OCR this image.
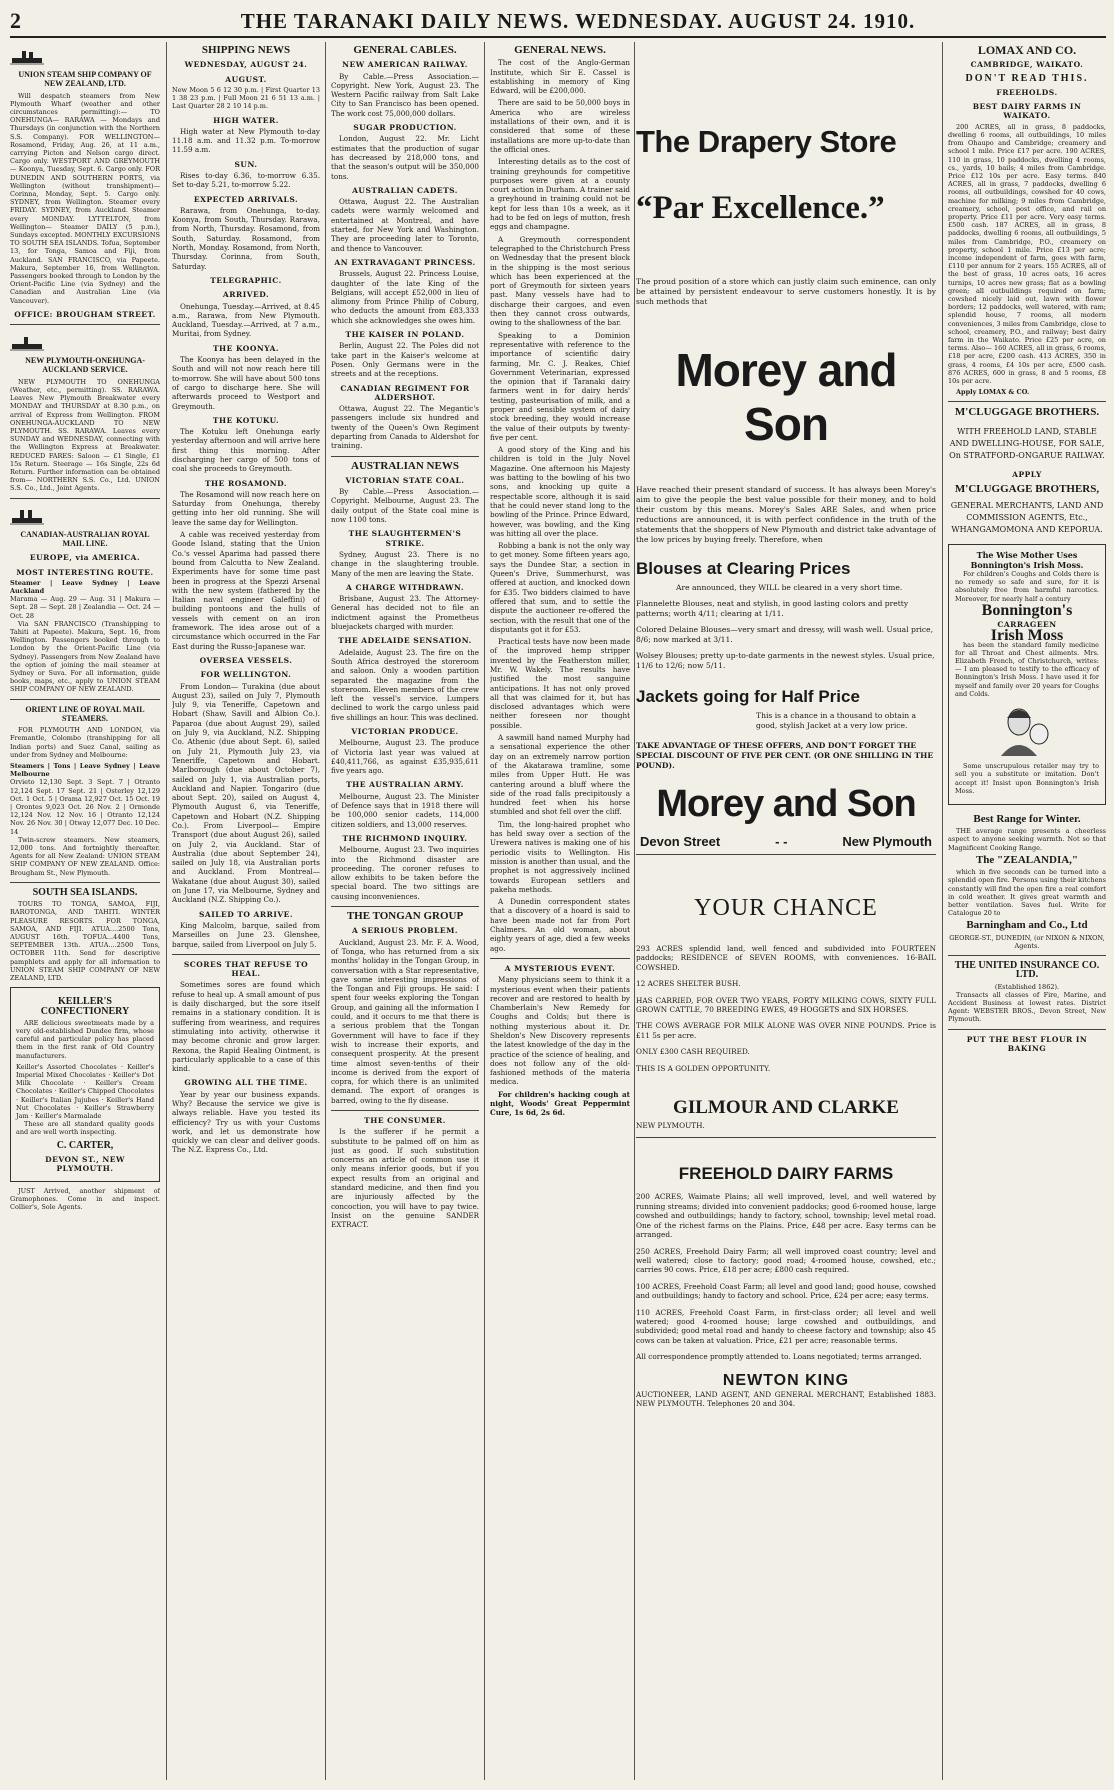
2	THE TARANAKI DAILY NEWS. WEDNESDAY. AUGUST 24. 1910.
UNION STEAM SHIP COMPANY OF NEW ZEALAND, LTD.
Will despatch steamers from New Plymouth Wharf (weather and other circumstances permitting):— TO ONEHUNGA— RARAWA — Mondays and Thursdays (in conjunction with the Northern S.S. Company). FOR WELLINGTON— Rosamond, Friday, Aug. 26, at 11 a.m., carrying Picton and Nelson cargo direct. Cargo only. WESTPORT AND GREYMOUTH— Koonya, Tuesday, Sept. 6. Cargo only. FOR DUNEDIN AND SOUTHERN PORTS, via Wellington (without transhipment)— Corinna, Monday, Sept. 5. Cargo only. SYDNEY, from Wellington. Steamer every FRIDAY. SYDNEY, from Auckland. Steamer every MONDAY. LYTTELTON, from Wellington— Steamer DAILY (5 p.m.), Sundays excepted. MONTHLY EXCURSIONS TO SOUTH SEA ISLANDS. Tofua, September 13, for Tonga, Samoa and Fiji, from Auckland. SAN FRANCISCO, via Papeete. Makura, September 16, from Wellington. Passengers booked through to London by the Orient-Pacific Line (via Sydney) and the Canadian and Australian Line (via Vancouver).
OFFICE: BROUGHAM STREET.
NEW PLYMOUTH-ONEHUNGA-AUCKLAND SERVICE.
NEW PLYMOUTH TO ONEHUNGA (Weather, etc., permitting). SS. RARAWA. Leaves New Plymouth Breakwater every MONDAY and THURSDAY at 8.30 p.m., on arrival of Express from Wellington. FROM ONEHUNGA-AUCKLAND TO NEW PLYMOUTH. SS. RARAWA. Leaves every SUNDAY and WEDNESDAY, connecting with the Wellington Express at Breakwater. REDUCED FARES: Saloon — £1 Single, £1 15s Return. Steerage — 16s Single, 22s 6d Return. Further information can be obtained from— NORTHERN S.S. Co., Ltd. UNION S.S. Co., Ltd., Joint Agents.
CANADIAN-AUSTRALIAN ROYAL MAIL LINE.
EUROPE, via AMERICA.
MOST INTERESTING ROUTE.
Steamer | Leave Sydney | Leave Auckland
Marama — Aug. 29 — Aug. 31 | Makura — Sept. 28 — Sept. 28 | Zealandia — Oct. 24 — Oct. 28
Via SAN FRANCISCO (Transhipping to Tahiti at Papeete). Makura, Sept. 16, from Wellington. Passengers booked through to London by the Orient-Pacific Line (via Sydney). Passengers from New Zealand have the option of joining the mail steamer at Sydney or Suva. For all information, guide books, maps, etc., apply to UNION STEAM SHIP COMPANY OF NEW ZEALAND.
ORIENT LINE OF ROYAL MAIL STEAMERS.
FOR PLYMOUTH AND LONDON, via Fremantle, Colombo (transhipping for all Indian ports) and Suez Canal, sailing as under from Sydney and Melbourne:
Steamers | Tons | Leave Sydney | Leave Melbourne
Orvieto 12,130 Sept. 3 Sept. 7 | Otranto 12,124 Sept. 17 Sept. 21 | Osterley 12,129 Oct. 1 Oct. 5 | Orama 12,927 Oct. 15 Oct. 19 | Orontes 9,023 Oct. 26 Nov. 2 | Ormonde 12,124 Nov. 12 Nov. 16 | Otranto 12,124 Nov. 26 Nov. 30 | Otway 12,077 Dec. 10 Dec. 14
Twin-screw steamers. New steamers, 12,000 tons. And fortnightly thereafter. Agents for all New Zealand: UNION STEAM SHIP COMPANY OF NEW ZEALAND. Office: Brougham St., New Plymouth.
SOUTH SEA ISLANDS.
TOURS TO TONGA, SAMOA, FIJI, RAROTONGA, AND TAHITI. WINTER PLEASURE RESORTS. FOR TONGA, SAMOA, AND FIJI. ATUA....2500 Tons, AUGUST 16th. TOFUA...4400 Tons, SEPTEMBER 13th. ATUA....2500 Tons, OCTOBER 11th. Send for descriptive pamphlets and apply for all information to UNION STEAM SHIP COMPANY OF NEW ZEALAND, LTD.
KEILLER'S CONFECTIONERY
ARE delicious sweetmeats made by a very old-established Dundee firm, whose careful and particular policy has placed them in the first rank of Old Country manufacturers.
Keiller's Assorted Chocolates · Keiller's Imperial Mixed Chocolates · Keiller's Dot Milk Chocolate · Keiller's Cream Chocolates · Keiller's Chipped Chocolates · Keiller's Italian Jujubes · Keiller's Hand Nut Chocolates · Keiller's Strawberry Jam · Keiller's Marmalade
These are all standard quality goods and are well worth inspecting.
C. CARTER,
DEVON ST., NEW PLYMOUTH.
JUST Arrived, another shipment of Gramophones. Come in and inspect. Collier's, Sole Agents.
SHIPPING NEWS
WEDNESDAY, AUGUST 24.
AUGUST.
New Moon 5 6 12 30 p.m. | First Quarter 13 1 38 23 p.m. | Full Moon 21 6 51 13 a.m. | Last Quarter 28 2 10 14 p.m.
HIGH WATER.
High water at New Plymouth to-day 11.18 a.m. and 11.32 p.m. To-morrow 11.59 a.m.
SUN.
Rises to-day 6.36, to-morrow 6.35. Set to-day 5.21, to-morrow 5.22.
EXPECTED ARRIVALS.
Rarawa, from Onehunga, to-day. Koonya, from South, Thursday. Rarawa, from North, Thursday. Rosamond, from South, Saturday. Rosamond, from North, Monday. Rosamond, from North, Thursday. Corinna, from South, Saturday.
TELEGRAPHIC.
ARRIVED.
Onehunga, Tuesday.—Arrived, at 8.45 a.m., Rarawa, from New Plymouth. Auckland, Tuesday.—Arrived, at 7 a.m., Muritai, from Sydney.
THE KOONYA.
The Koonya has been delayed in the South and will not now reach here till to-morrow. She will have about 500 tons of cargo to discharge here. She will afterwards proceed to Westport and Greymouth.
THE KOTUKU.
The Kotuku left Onehunga early yesterday afternoon and will arrive here first thing this morning. After discharging her cargo of 500 tons of coal she proceeds to Greymouth.
THE ROSAMOND.
The Rosamond will now reach here on Saturday from Onehunga, thereby getting into her old running. She will leave the same day for Wellington.
A cable was received yesterday from Goode Island, stating that the Union Co.'s vessel Aparima had passed there bound from Calcutta to New Zealand. Experiments have for some time past been in progress at the Spezzi Arsenal with the new system (fathered by the Italian naval engineer Galeffini) of building pontoons and the hulls of vessels with cement on an iron framework. The idea arose out of a circumstance which occurred in the Far East during the Russo-Japanese war.
OVERSEA VESSELS.
FOR WELLINGTON.
From London— Turakina (due about August 23), sailed on July 7, Plymouth July 9, via Teneriffe, Capetown and Hobart (Shaw, Savill and Albion Co.). Paparoa (due about August 29), sailed on July 9, via Auckland, N.Z. Shipping Co. Athenic (due about Sept. 6), sailed on July 21, Plymouth July 23, via Teneriffe, Capetown and Hobart. Marlborough (due about October 7), sailed on July 1, via Australian ports, Auckland and Napier. Tongariro (due about Sept. 20), sailed on August 4, Plymouth August 6, via Teneriffe, Capetown and Hobart (N.Z. Shipping Co.). From Liverpool— Empire Transport (due about August 26), sailed on July 2, via Auckland. Star of Australia (due about September 24), sailed on July 18, via Australian ports and Auckland. From Montreal— Wakatane (due about August 30), sailed on June 17, via Melbourne, Sydney and Auckland (N.Z. Shipping Co.).
SAILED TO ARRIVE.
King Malcolm, barque, sailed from Marseilles on June 23. Glenshee, barque, sailed from Liverpool on July 5.
SCORES THAT REFUSE TO HEAL.
Sometimes sores are found which refuse to heal up. A small amount of pus is daily discharged, but the sore itself remains in a stationary condition. It is suffering from weariness, and requires stimulating into activity, otherwise it may become chronic and grow larger. Rexona, the Rapid Healing Ointment, is particularly applicable to a case of this kind.
GROWING ALL THE TIME.
Year by year our business expands. Why? Because the service we give is always reliable. Have you tested its efficiency? Try us with your Customs work, and let us demonstrate how quickly we can clear and deliver goods. The N.Z. Express Co., Ltd.
GENERAL CABLES.
NEW AMERICAN RAILWAY.
By Cable.—Press Association.—Copyright. New York, August 23. The Western Pacific railway from Salt Lake City to San Francisco has been opened. The work cost 75,000,000 dollars.
SUGAR PRODUCTION.
London, August 22. Mr. Licht estimates that the production of sugar has decreased by 218,000 tons, and that the season's output will be 350,000 tons.
AUSTRALIAN CADETS.
Ottawa, August 22. The Australian cadets were warmly welcomed and entertained at Montreal, and have started, for New York and Washington. They are proceeding later to Toronto, and thence to Vancouver.
AN EXTRAVAGANT PRINCESS.
Brussels, August 22. Princess Louise, daughter of the late King of the Belgians, will accept £52,000 in lieu of alimony from Prince Philip of Coburg, who deducts the amount from £83,333 which she acknowledges she owes him.
THE KAISER IN POLAND.
Berlin, August 22. The Poles did not take part in the Kaiser's welcome at Posen. Only Germans were in the streets and at the receptions.
CANADIAN REGIMENT FOR ALDERSHOT.
Ottawa, August 22. The Megantic's passengers include six hundred and twenty of the Queen's Own Regiment departing from Canada to Aldershot for training.
AUSTRALIAN NEWS
VICTORIAN STATE COAL.
By Cable.—Press Association.—Copyright. Melbourne, August 23. The daily output of the State coal mine is now 1100 tons.
THE SLAUGHTERMEN'S STRIKE.
Sydney, August 23. There is no change in the slaughtering trouble. Many of the men are leaving the State.
A CHARGE WITHDRAWN.
Brisbane, August 23. The Attorney-General has decided not to file an indictment against the Prometheus bluejackets charged with murder.
THE ADELAIDE SENSATION.
Adelaide, August 23. The fire on the South Africa destroyed the storeroom and saloon. Only a wooden partition separated the magazine from the storeroom. Eleven members of the crew left the vessel's service. Lumpers declined to work the cargo unless paid five shillings an hour. This was declined.
VICTORIAN PRODUCE.
Melbourne, August 23. The produce of Victoria last year was valued at £40,411,766, as against £35,935,611 five years ago.
THE AUSTRALIAN ARMY.
Melbourne, August 23. The Minister of Defence says that in 1918 there will be 100,000 senior cadets, 114,000 citizen soldiers, and 13,000 reserves.
THE RICHMOND INQUIRY.
Melbourne, August 23. Two inquiries into the Richmond disaster are proceeding. The coroner refuses to allow exhibits to be taken before the special board. The two sittings are causing inconveniences.
THE TONGAN GROUP
A SERIOUS PROBLEM.
Auckland, August 23. Mr. F. A. Wood, of Tonga, who has returned from a six months' holiday in the Tongan Group, in conversation with a Star representative, gave some interesting impressions of the Tongan and Fiji groups. He said: I spent four weeks exploring the Tongan Group, and gaining all the information I could, and it occurs to me that there is a serious problem that the Tongan Government will have to face if they wish to increase their exports, and consequent prosperity. At the present time almost seven-tenths of their income is derived from the export of copra, for which there is an unlimited demand. The export of oranges is barred, owing to the fly disease.
THE CONSUMER.
Is the sufferer if he permit a substitute to be palmed off on him as just as good. If such substitution concerns an article of common use it only means inferior goods, but if you expect results from an original and standard medicine, and then find you are injuriously affected by the concoction, you will have to pay twice. Insist on the genuine SANDER EXTRACT.
GENERAL NEWS.
The cost of the Anglo-German Institute, which Sir E. Cassel is establishing in memory of King Edward, will be £200,000.
There are said to be 50,000 boys in America who are wireless installations of their own, and it is considered that some of these installations are more up-to-date than the official ones.
Interesting details as to the cost of training greyhounds for competitive purposes were given at a county court action in Durham. A trainer said a greyhound in training could not be kept for less than 10s a week, as it had to be fed on legs of mutton, fresh eggs and champagne.
A Greymouth correspondent telegraphed to the Christchurch Press on Wednesday that the present block in the shipping is the most serious which has been experienced at the port of Greymouth for sixteen years past. Many vessels have had to discharge their cargoes, and even then they cannot cross outwards, owing to the shallowness of the bar.
Speaking to a Dominion representative with reference to the importance of scientific dairy farming, Mr. C. J. Reakes, Chief Government Veterinarian, expressed the opinion that if Taranaki dairy farmers went in for dairy herds' testing, pasteurisation of milk, and a proper and sensible system of dairy stock breeding, they would increase the value of their outputs by twenty-five per cent.
A good story of the King and his children is told in the July Novel Magazine. One afternoon his Majesty was batting to the bowling of his two sons, and knocking up quite a respectable score, although it is said that he could never stand long to the bowling of the Prince. Prince Edward, however, was bowling, and the King was hitting all over the place.
Robbing a bank is not the only way to get money. Some fifteen years ago, says the Dundee Star, a section in Queen's Drive, Summerhurst, was offered at auction, and knocked down for £35. Two bidders claimed to have offered that sum, and to settle the dispute the auctioneer re-offered the section, with the result that one of the disputants got it for £53.
Practical tests have now been made of the improved hemp stripper invented by the Featherston miller, Mr. W. Wakely. The results have justified the most sanguine anticipations. It has not only proved all that was claimed for it, but has disclosed advantages which were neither foreseen nor thought possible.
A sawmill hand named Murphy had a sensational experience the other day on an extremely narrow portion of the Akatarawa tramline, some miles from Upper Hutt. He was cantering around a bluff where the side of the road falls precipitously a hundred feet when his horse stumbled and shot fell over the cliff.
Tim, the long-haired prophet who has held sway over a section of the Urewera natives is making one of his periodic visits to Wellington. His mission is another than usual, and the prophet is not aggressively inclined towards European settlers and pakeha methods.
A Dunedin correspondent states that a discovery of a hoard is said to have been made not far from Port Chalmers. An old woman, about eighty years of age, died a few weeks ago.
A MYSTERIOUS EVENT.
Many physicians seem to think it a mysterious event when their patients recover and are restored to health by Chamberlain's New Remedy for Coughs and Colds; but there is nothing mysterious about it. Dr. Sheldon's New Discovery represents the latest knowledge of the day in the practice of the science of healing, and does not follow any of the old-fashioned methods of the materia medica.
For children's hacking cough at night, Woods' Great Peppermint Cure, 1s 6d, 2s 6d.
The Drapery Store
“Par Excellence.”
The proud position of a store which can justly claim such eminence, can only be attained by persistent endeavour to serve customers honestly. It is by such methods that
Morey and Son
Have reached their present standard of success. It has always been Morey's aim to give the people the best value possible for their money, and to hold their custom by this means. Morey's Sales ARE Sales, and when price reductions are announced, it is with perfect confidence in the truth of the statements that the shoppers of New Plymouth and district take advantage of the low prices by buying freely. Therefore, when
Blouses at Clearing Prices
Are announced, they WILL be cleared in a very short time.
Flannelette Blouses, neat and stylish, in good lasting colors and pretty patterns; worth 4/11; clearing at 1/11.
Colored Delaine Blouses—very smart and dressy, will wash well. Usual price, 8/6; now marked at 3/11.
Wolsey Blouses; pretty up-to-date garments in the newest styles. Usual price, 11/6 to 12/6; now 5/11.
Jackets going for Half Price
This is a chance in a thousand to obtain a good, stylish Jacket at a very low price.
TAKE ADVANTAGE OF THESE OFFERS, AND DON'T FORGET THE SPECIAL DISCOUNT OF FIVE PER CENT. (OR ONE SHILLING IN THE POUND).
Morey and Son
Devon Street	- -	New Plymouth
YOUR CHANCE
293 ACRES splendid land, well fenced and subdivided into FOURTEEN paddocks; RESIDENCE of SEVEN ROOMS, with conveniences. 16-BAIL COWSHED.
12 ACRES SHELTER BUSH.
HAS CARRIED, FOR OVER TWO YEARS, FORTY MILKING COWS, SIXTY FULL GROWN CATTLE, 70 BREEDING EWES, 49 HOGGETS and SIX HORSES.
THE COWS AVERAGE FOR MILK ALONE WAS OVER NINE POUNDS. Price is £11 5s per acre.
ONLY £300 CASH REQUIRED.
THIS IS A GOLDEN OPPORTUNITY.
GILMOUR AND CLARKE
NEW PLYMOUTH.
FREEHOLD DAIRY FARMS
200 ACRES, Waimate Plains; all well improved, level, and well watered by running streams; divided into convenient paddocks; good 6-roomed house, large cowshed and outbuildings; handy to factory, school, township; level metal road. One of the richest farms on the Plains. Price, £48 per acre. Easy terms can be arranged.
250 ACRES, Freehold Dairy Farm; all well improved coast country; level and well watered; close to factory; good road; 4-roomed house, cowshed, etc.; carries 90 cows. Price, £18 per acre; £800 cash required.
100 ACRES, Freehold Coast Farm; all level and good land; good house, cowshed and outbuildings; handy to factory and school. Price, £24 per acre; easy terms.
110 ACRES, Freehold Coast Farm, in first-class order; all level and well watered; good 4-roomed house; large cowshed and outbuildings, and subdivided; good metal road and handy to cheese factory and township; also 45 cows can be taken at valuation. Price, £21 per acre; reasonable terms.
All correspondence promptly attended to. Loans negotiated; terms arranged.
NEWTON KING
AUCTIONEER, LAND AGENT, AND GENERAL MERCHANT, Established 1883. NEW PLYMOUTH. Telephones 20 and 304.
LOMAX AND CO.
CAMBRIDGE, WAIKATO.
DON'T READ THIS.
FREEHOLDS.
BEST DAIRY FARMS IN WAIKATO.
200 ACRES, all in grass, 8 paddocks, dwelling 6 rooms, all outbuildings, 10 miles from Ohaupo and Cambridge; creamery and school 1 mile. Price £17 per acre. 190 ACRES, 110 in grass, 10 paddocks, dwelling 4 rooms, cs., yards, 10 bails; 4 miles from Cambridge. Price £12 10s per acre. Easy terms. 840 ACRES, all in grass, 7 paddocks, dwelling 6 rooms, all outbuildings, cowshed for 40 cows, machine for milking; 9 miles from Cambridge, creamery, school, post office, and rail on property. Price £11 per acre. Very easy terms. £500 cash. 187 ACRES, all in grass, 8 paddocks, dwelling 6 rooms, all outbuildings, 5 miles from Cambridge, P.O., creamery on property, school 1 mile. Price £13 per acre; income independent of farm, goes with farm, £110 per annum for 2 years. 155 ACRES, all of the best of grass, 10 acres oats, 16 acres turnips, 10 acres new grass; flat as a bowling green; all outbuildings required on farm; cowshed nicely laid out, lawn with flower borders; 12 paddocks, well watered, with ram; splendid house, 7 rooms, all modern conveniences, 3 miles from Cambridge, close to school, creamery, P.O., and railway; best dairy farm in the Waikato. Price £25 per acre, on terms. Also— 160 ACRES, all in grass, 6 rooms, £18 per acre, £200 cash. 413 ACRES, 350 in grass, 4 rooms, £4 10s per acre, £500 cash. 876 ACRES, 600 in grass, 8 and 5 rooms, £8 10s per acre.
Apply LOMAX & CO.
M'CLUGGAGE BROTHERS.
WITH FREEHOLD LAND, STABLE AND DWELLING-HOUSE, FOR SALE, On STRATFORD-ONGARUE RAILWAY.
APPLY
M'CLUGGAGE BROTHERS,
GENERAL MERCHANTS, LAND AND COMMISSION AGENTS, Etc., WHANGAMOMONA AND KEPORUA.
The Wise Mother Uses Bonnington's Irish Moss.
For children's Coughs and Colds there is no remedy so safe and sure, for it is absolutely free from harmful narcotics. Moreover, for nearly half a century
Bonnington's
CARRAGEEN
Irish Moss
has been the standard family medicine for all Throat and Chest ailments. Mrs. Elizabeth French, of Christchurch, writes:— I am pleased to testify to the efficacy of Bonnington's Irish Moss. I have used it for myself and family over 20 years for Coughs and Colds.
Some unscrupulous retailer may try to sell you a substitute or imitation. Don't accept it! Insist upon Bonnington's Irish Moss.
Best Range for Winter.
THE average range presents a cheerless aspect to anyone seeking warmth. Not so that Magnificent Cooking Range.
The "ZEALANDIA,"
which in five seconds can be turned into a splendid open fire. Persons using their kitchens constantly will find the open fire a real comfort in cold weather. It gives great warmth and better ventilation. Saves fuel. Write for Catalogue 20 to
Barningham and Co., Ltd
GEORGE-ST., DUNEDIN, (or NIXON & NIXON, Agents.
THE UNITED INSURANCE CO. LTD.
(Established 1862).
Transacts all classes of Fire, Marine, and Accident Business at lowest rates. District Agent: WEBSTER BROS., Devon Street, New Plymouth.
PUT THE BEST FLOUR IN BAKING
